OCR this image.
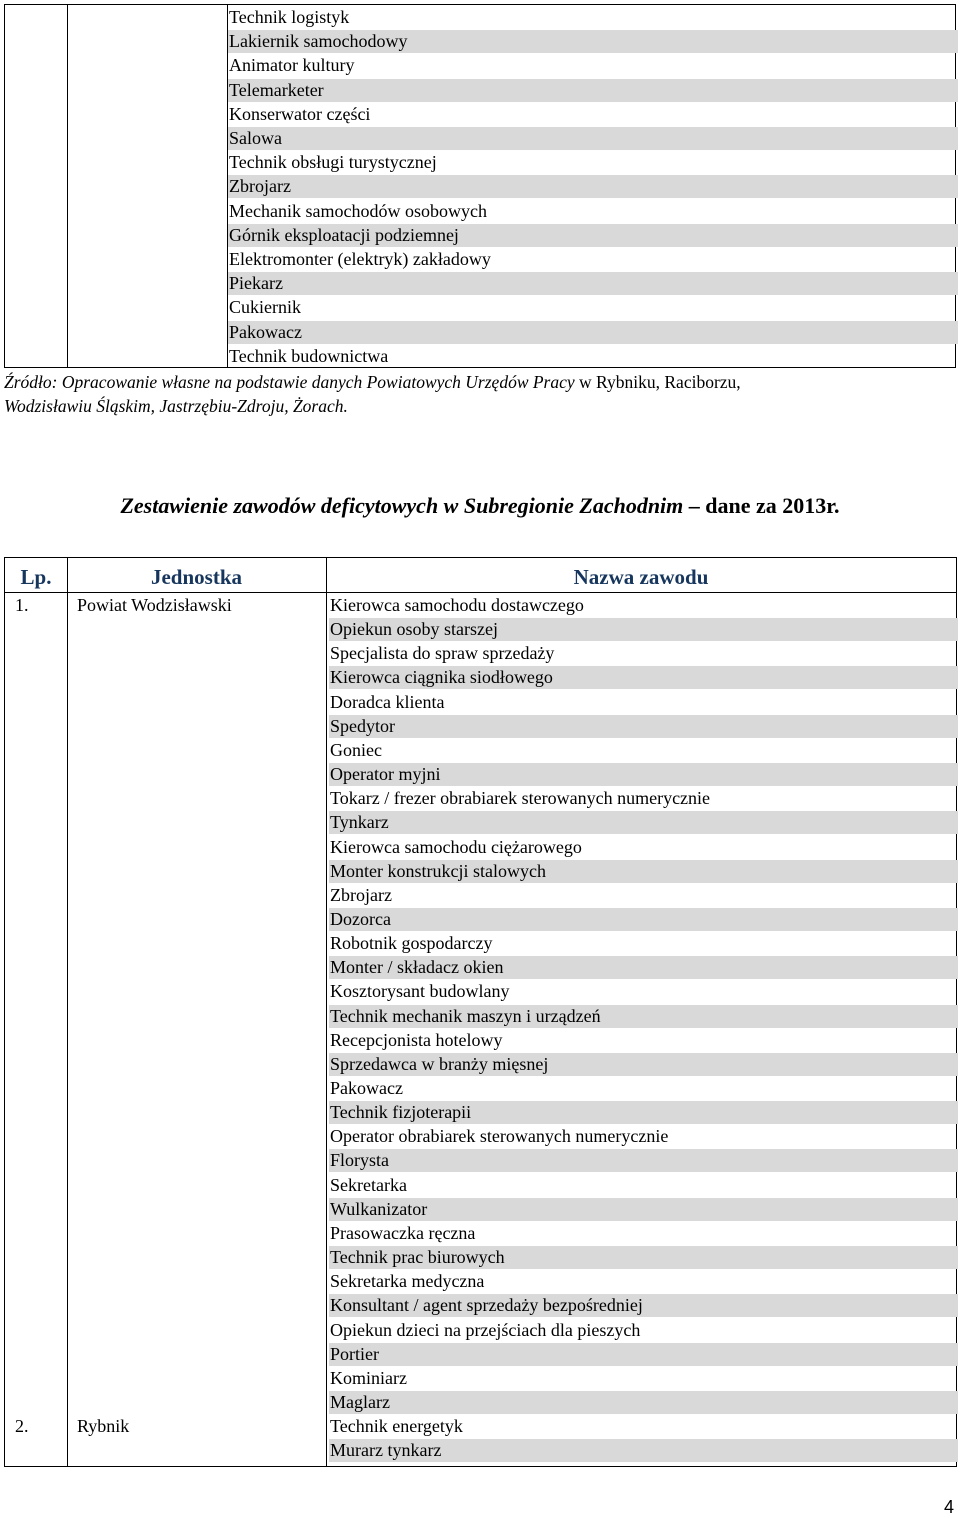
Technik logistyk
Lakiernik samochodowy
Animator kultury
Telemarketer
Konserwator części
Salowa
Technik obsługi turystycznej
Zbrojarz
Mechanik samochodów osobowych
Górnik eksploatacji podziemnej
Elektromonter (elektryk) zakładowy
Piekarz
Cukiernik
Pakowacz
Technik budownictwa
Źródło: Opracowanie własne na podstawie danych Powiatowych Urzędów Pracy w Rybniku, Raciborzu,
Wodzisławiu Śląskim, Jastrzębiu-Zdroju, Żorach.
Zestawienie zawodów deficytowych w Subregionie Zachodnim – dane za 2013r.
Lp.	Jednostka	Nazwa zawodu
1.	Powiat Wodzisławski	Kierowca samochodu dostawczego
Opiekun osoby starszej
Specjalista do spraw sprzedaży
Kierowca ciągnika siodłowego
Doradca klienta
Spedytor
Goniec
Operator myjni
Tokarz / frezer obrabiarek sterowanych numerycznie
Tynkarz
Kierowca samochodu ciężarowego
Monter konstrukcji stalowych
Zbrojarz
Dozorca
Robotnik gospodarczy
Monter / składacz okien
Kosztorysant budowlany
Technik mechanik maszyn i urządzeń
Recepcjonista hotelowy
Sprzedawca w branży mięsnej
Pakowacz
Technik fizjoterapii
Operator obrabiarek sterowanych numerycznie
Florysta
Sekretarka
Wulkanizator
Prasowaczka ręczna
Technik prac biurowych
Sekretarka medyczna
Konsultant / agent sprzedaży bezpośredniej
Opiekun dzieci na przejściach dla pieszych
Portier
Kominiarz
Maglarz
2.	Rybnik	Technik energetyk
Murarz tynkarz
4
